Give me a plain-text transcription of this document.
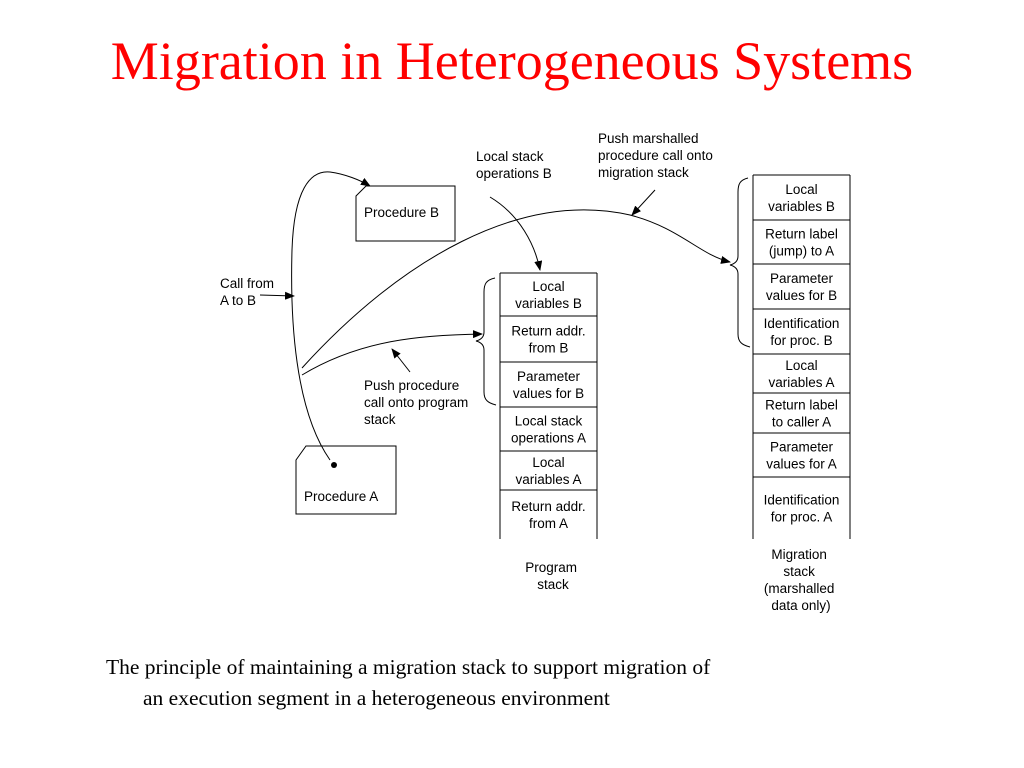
Migration in Heterogeneous Systems
Procedure B
Procedure A
Call from A to B
Push procedure call onto program stack
Local stack operations B
Push marshalled procedure call onto migration stack
Local variables B
Return addr. from B
Parameter values for B
Local stack operations A
Local variables A
Return addr. from A
Program stack
Local variables B
Return label (jump) to A
Parameter values for B
Identification for proc. B
Local variables A
Return label to caller A
Parameter values for A
Identification for proc. A
Migration stack (marshalled data only)
The principle of maintaining a migration stack to support migration of
an execution segment in a heterogeneous environment
